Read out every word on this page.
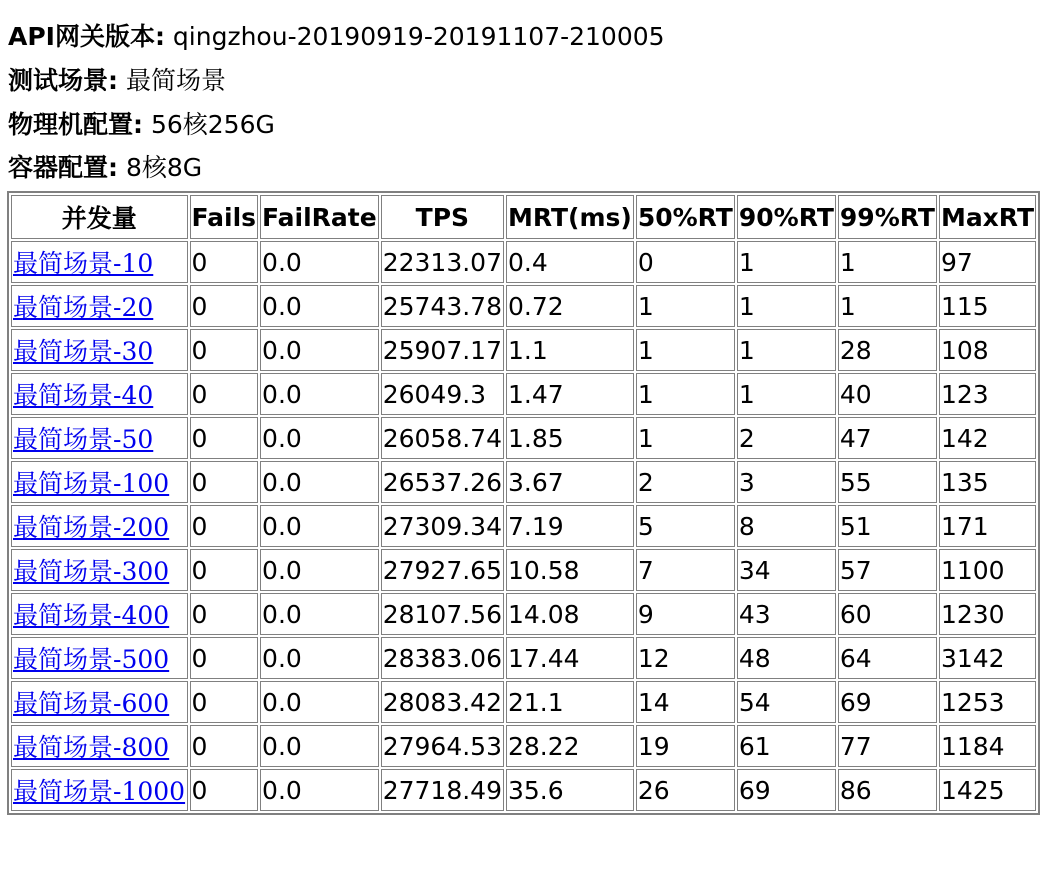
API网关版本: qingzhou-20190919-20191107-210005
测试场景: 最简场景
物理机配置: 56核256G
容器配置: 8核8G
并发量	Fails	FailRate	TPS	MRT(ms)	50%RT	90%RT	99%RT	MaxRT
最简场景-10	0	0.0	22313.07	0.4	0	1	1	97
最简场景-20	0	0.0	25743.78	0.72	1	1	1	115
最简场景-30	0	0.0	25907.17	1.1	1	1	28	108
最简场景-40	0	0.0	26049.3	1.47	1	1	40	123
最简场景-50	0	0.0	26058.74	1.85	1	2	47	142
最简场景-100	0	0.0	26537.26	3.67	2	3	55	135
最简场景-200	0	0.0	27309.34	7.19	5	8	51	171
最简场景-300	0	0.0	27927.65	10.58	7	34	57	1100
最简场景-400	0	0.0	28107.56	14.08	9	43	60	1230
最简场景-500	0	0.0	28383.06	17.44	12	48	64	3142
最简场景-600	0	0.0	28083.42	21.1	14	54	69	1253
最简场景-800	0	0.0	27964.53	28.22	19	61	77	1184
最简场景-1000	0	0.0	27718.49	35.6	26	69	86	1425
